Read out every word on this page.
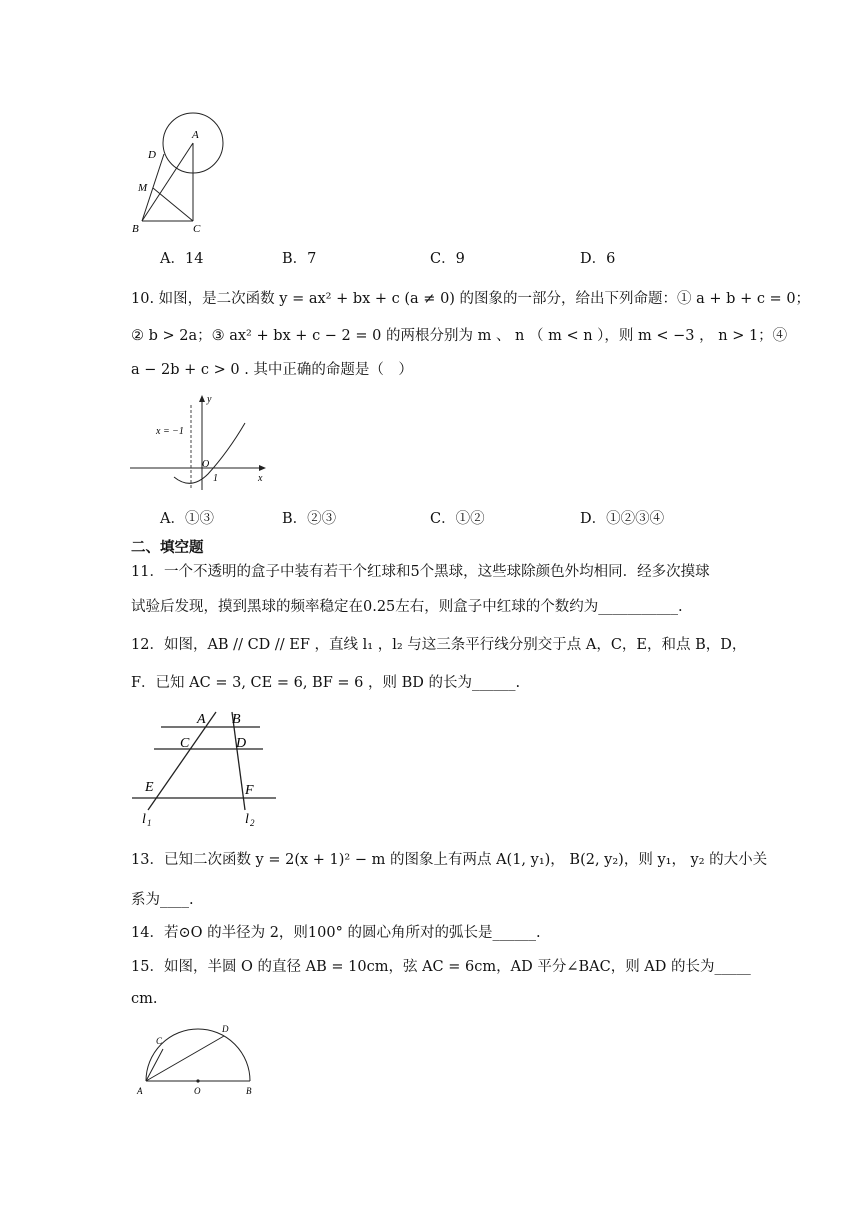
A
D
M
B	C
A．14	B．7	C．9	D．6
10. 如图，是二次函数 y = ax² + bx + c (a ≠ 0) 的图象的一部分，给出下列命题：① a + b + c = 0；
② b > 2a；③ ax² + bx + c − 2 = 0 的两根分别为 m 、 n （ m < n ），则 m < −3 ， n > 1；④
a − 2b + c > 0 . 其中正确的命题是（　）
x = −1
O
1	x
y
A．①③	B．②③	C．①②	D．①②③④
二、填空题
11．一个不透明的盒子中装有若干个红球和5个黑球，这些球除颜色外均相同．经多次摸球
试验后发现，摸到黑球的频率稳定在0.25左右，则盒子中红球的个数约为___________.
12．如图，AB // CD // EF ，直线 l₁ ，l₂ 与这三条平行线分别交于点 A，C，E，和点 B，D，
F．已知 AC = 3, CE = 6, BF = 6 ，则 BD 的长为______.
A B
C	D
E	F
l 1	l 2
13．已知二次函数 y = 2(x + 1)² − m 的图象上有两点 A(1, y₁)， B(2, y₂)，则 y₁， y₂ 的大小关
系为____.
14．若⊙O 的半径为 2，则100° 的圆心角所对的弧长是______.
15．如图，半圆 O 的直径 AB = 10cm，弦 AC = 6cm，AD 平分∠BAC，则 AD 的长为_____
cm.
A	O	B
C
D
